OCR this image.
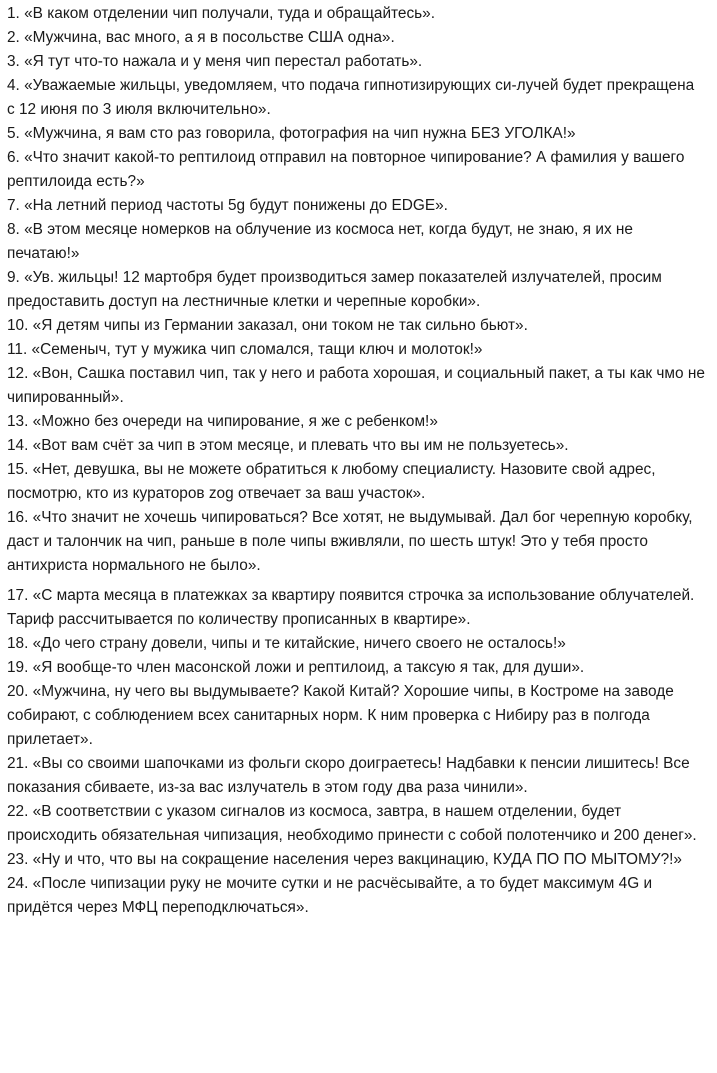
1. «В каком отделении чип получали, туда и обращайтесь».

2. «Мужчина, вас много, а я в посольстве США одна».

3. «Я тут что-то нажала и у меня чип перестал работать».

4. «Уважаемые жильцы, уведомляем, что подача гипнотизирующих си-лучей будет прекращена с 12 июня по 3 июля включительно».

5. «Мужчина, я вам сто раз говорила, фотография на чип нужна БЕЗ УГОЛКА!»

6. «Что значит какой-то рептилоид отправил на повторное чипирование? А фамилия у вашего рептилоида есть?»

7. «На летний период частоты 5g будут понижены до EDGE».

8. «В этом месяце номерков на облучение из космоса нет, когда будут, не знаю, я их не печатаю!»

9. «Ув. жильцы! 12 мартобря будет производиться замер показателей излучателей, просим предоставить доступ на лестничные клетки и черепные коробки».

10. «Я детям чипы из Германии заказал, они током не так сильно бьют».

11. «Семеныч, тут у мужика чип сломался, тащи ключ и молоток!»

12. «Вон, Сашка поставил чип, так у него и работа хорошая, и социальный пакет, а ты как чмо не чипированный».

13. «Можно без очереди на чипирование, я же с ребенком!»

14. «Вот вам счёт за чип в этом месяце, и плевать что вы им не пользуетесь».

15. «Нет, девушка, вы не можете обратиться к любому специалисту. Назовите свой адрес, посмотрю, кто из кураторов zog отвечает за ваш участок».

16. «Что значит не хочешь чипироваться? Все хотят, не выдумывай. Дал бог черепную коробку, даст и талончик на чип, раньше в поле чипы вживляли, по шесть штук! Это у тебя просто антихриста нормального не было».

17. «С марта месяца в платежках за квартиру появится строчка за использование облучателей. Тариф рассчитывается по количеству прописанных в квартире».

18. «До чего страну довели, чипы и те китайские, ничего своего не осталось!»

19. «Я вообще-то член масонской ложи и рептилоид, а таксую я так, для души».

20. «Мужчина, ну чего вы выдумываете? Какой Китай? Хорошие чипы, в Костроме на заводе собирают, с соблюдением всех санитарных норм. К ним проверка с Нибиру раз в полгода прилетает».

21. «Вы со своими шапочками из фольги скоро доиграетесь! Надбавки к пенсии лишитесь! Все показания сбиваете, из-за вас излучатель в этом году два раза чинили».

22. «В соответствии с указом сигналов из космоса, завтра, в нашем отделении, будет происходить обязательная чипизация, необходимо принести с собой полотенчико и 200 денег».

23. «Ну и что, что вы на сокращение населения через вакцинацию, КУДА ПО ПО МЫТОМУ?!»

24. «После чипизации руку не мочите сутки и не расчёсывайте, а то будет максимум 4G и придётся через МФЦ переподключаться».
